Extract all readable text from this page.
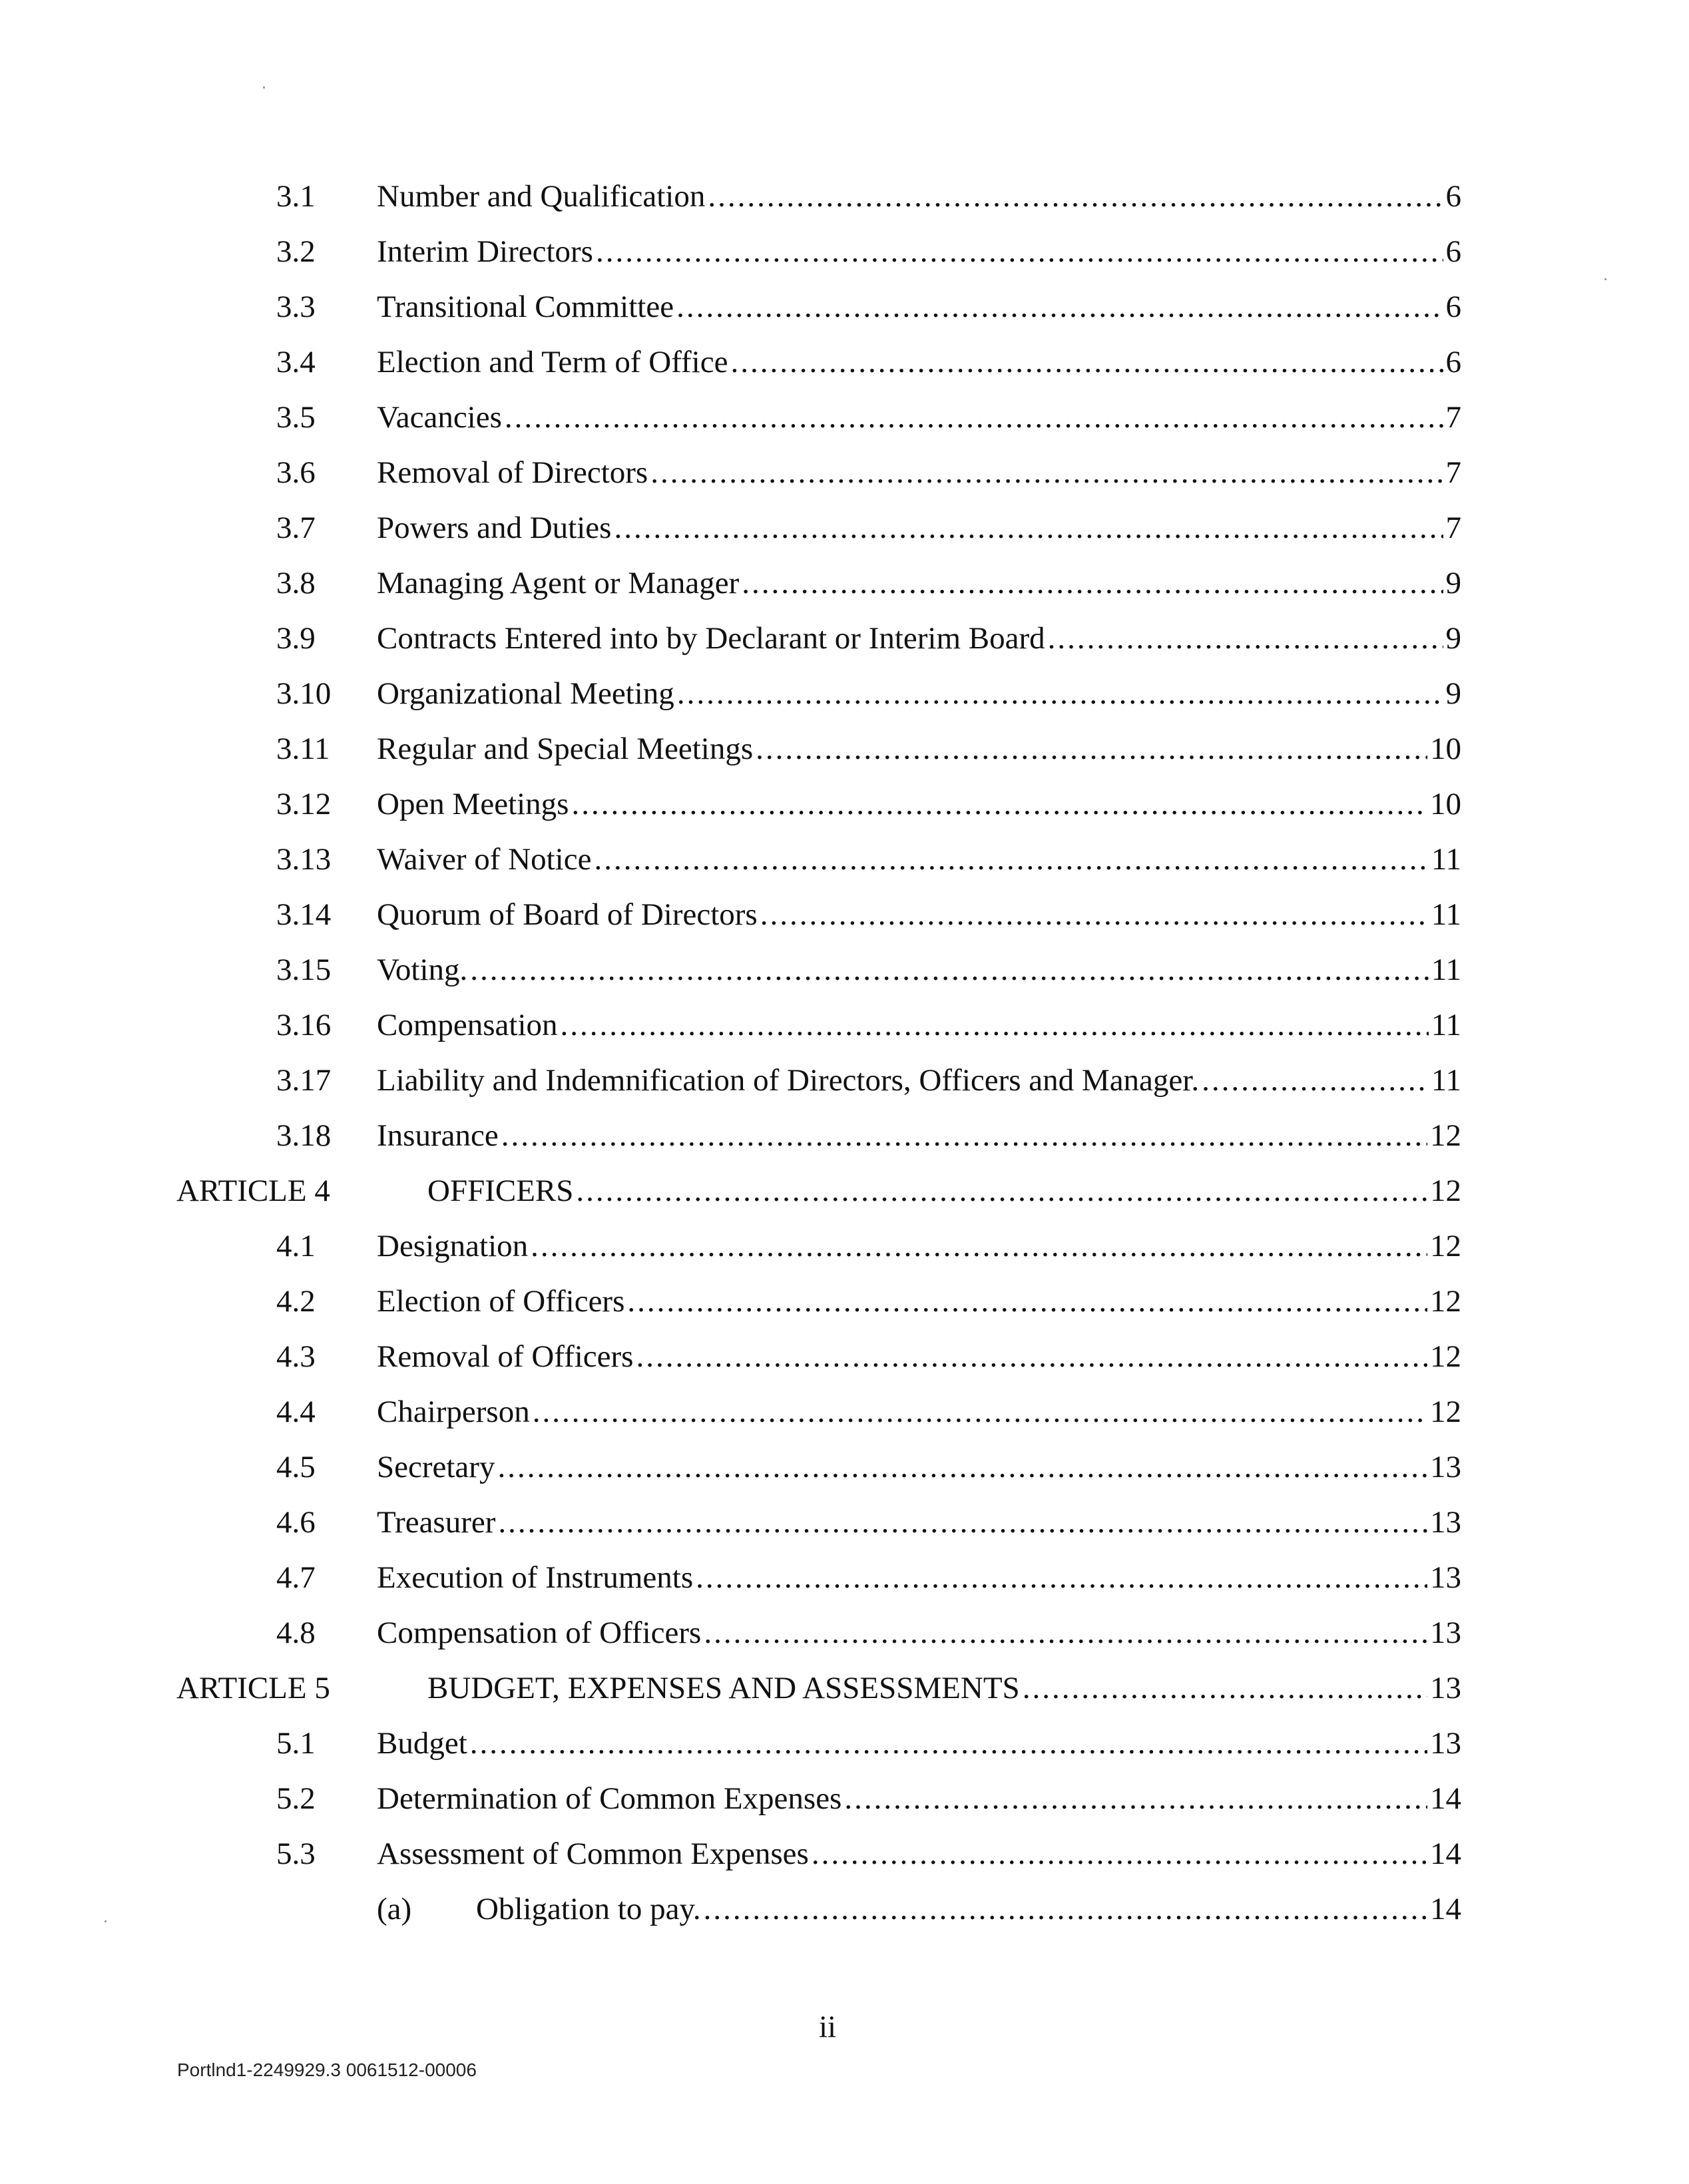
3.1 Number and Qualification .....	6
3.2 Interim Directors .....	6
3.3 Transitional Committee .....	6
3.4 Election and Term of Office .....	6
3.5 Vacancies .....	7
3.6 Removal of Directors .....	7
3.7 Powers and Duties .....	7
3.8 Managing Agent or Manager .....	9
3.9 Contracts Entered into by Declarant or Interim Board .....	9
3.10 Organizational Meeting .....	9
3.11 Regular and Special Meetings .....	10
3.12 Open Meetings .....	10
3.13 Waiver of Notice .....	11
3.14 Quorum of Board of Directors .....	11
3.15 Voting. .....	11
3.16 Compensation .....	11
3.17 Liability and Indemnification of Directors, Officers and Manager. .....	11
3.18 Insurance .....	12
ARTICLE 4	OFFICERS .....	12
4.1 Designation .....	12
4.2 Election of Officers .....	12
4.3 Removal of Officers .....	12
4.4 Chairperson .....	12
4.5 Secretary .....	13
4.6 Treasurer .....	13
4.7 Execution of Instruments .....	13
4.8 Compensation of Officers .....	13
ARTICLE 5	BUDGET, EXPENSES AND ASSESSMENTS .....	13
5.1 Budget .....	13
5.2 Determination of Common Expenses .....	14
5.3 Assessment of Common Expenses .....	14
(a) Obligation to pay. .....	14
ii
Portlnd1-2249929.3 0061512-00006
